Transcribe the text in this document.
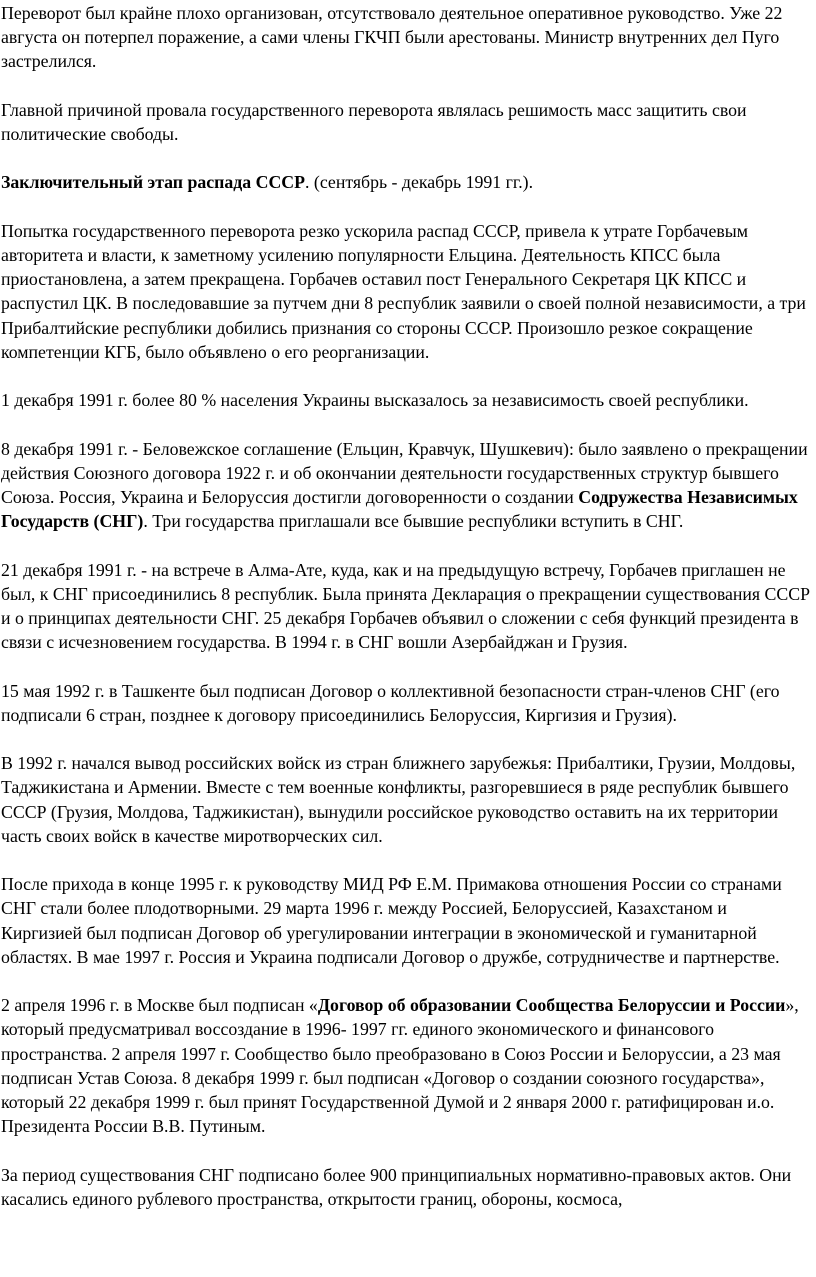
Переворот был крайне плохо организован, отсутствовало деятельное оперативное руководство. Уже 22 августа он потерпел поражение, а сами члены ГКЧП были арестованы. Министр внутренних дел Пуго застрелился.

Главной причиной провала государственного переворота являлась решимость масс защитить свои политические свободы.

Заключительный этап распада СССР. (сентябрь - декабрь 1991 гг.).

Попытка государственного переворота резко ускорила распад СССР, привела к утрате Горбачевым авторитета и власти, к заметному усилению популярности Ельцина. Деятельность КПСС была приостановлена, а затем прекращена. Горбачев оставил пост Генерального Секретаря ЦК КПСС и распустил ЦК. В последовавшие за путчем дни 8 республик заявили о своей полной независимости, а три Прибалтийские республики добились признания со стороны СССР. Произошло резкое сокращение компетенции КГБ, было объявлено о его реорганизации.

1 декабря 1991 г. более 80 % населения Украины высказалось за независимость своей республики.

8 декабря 1991 г. - Беловежское соглашение (Ельцин, Кравчук, Шушкевич): было заявлено о прекращении действия Союзного договора 1922 г. и об окончании деятельности государственных структур бывшего Союза. Россия, Украина и Белоруссия достигли договоренности о создании Содружества Независимых Государств (СНГ). Три государства приглашали все бывшие республики вступить в СНГ.

21 декабря 1991 г. - на встрече в Алма-Ате, куда, как и на предыдущую встречу, Горбачев приглашен не был, к СНГ присоединились 8 республик. Была принята Декларация о прекращении существования СССР и о принципах деятельности СНГ. 25 декабря Горбачев объявил о сложении с себя функций президента в связи с исчезновением государства. В 1994 г. в СНГ вошли Азербайджан и Грузия.

15 мая 1992 г. в Ташкенте был подписан Договор о коллективной безопасности стран-членов СНГ (его подписали 6 стран, позднее к договору присоединились Белоруссия, Киргизия и Грузия).

В 1992 г. начался вывод российских войск из стран ближнего зарубежья: Прибалтики, Грузии, Молдовы, Таджикистана и Армении. Вместе с тем военные конфликты, разгоревшиеся в ряде республик бывшего СССР (Грузия, Молдова, Таджикистан), вынудили российское руководство оставить на их территории часть своих войск в качестве миротворческих сил.

После прихода в конце 1995 г. к руководству МИД РФ Е.М. Примакова отношения России со странами СНГ стали более плодотворными. 29 марта 1996 г. между Россией, Белоруссией, Казахстаном и Киргизией был подписан Договор об урегулировании интеграции в экономической и гуманитарной областях. В мае 1997 г. Россия и Украина подписали Договор о дружбе, сотрудничестве и партнерстве.

2 апреля 1996 г. в Москве был подписан «Договор об образовании Сообщества Белоруссии и России», который предусматривал воссоздание в 1996- 1997 гг. единого экономического и финансового пространства. 2 апреля 1997 г. Сообщество было преобразовано в Союз России и Белоруссии, а 23 мая подписан Устав Союза. 8 декабря 1999 г. был подписан «Договор о создании союзного государства», который 22 декабря 1999 г. был принят Государственной Думой и 2 января 2000 г. ратифицирован и.о. Президента России В.В. Путиным.

За период существования СНГ подписано более 900 принципиальных нормативно-правовых актов. Они касались единого рублевого пространства, открытости границ, обороны, космоса,
